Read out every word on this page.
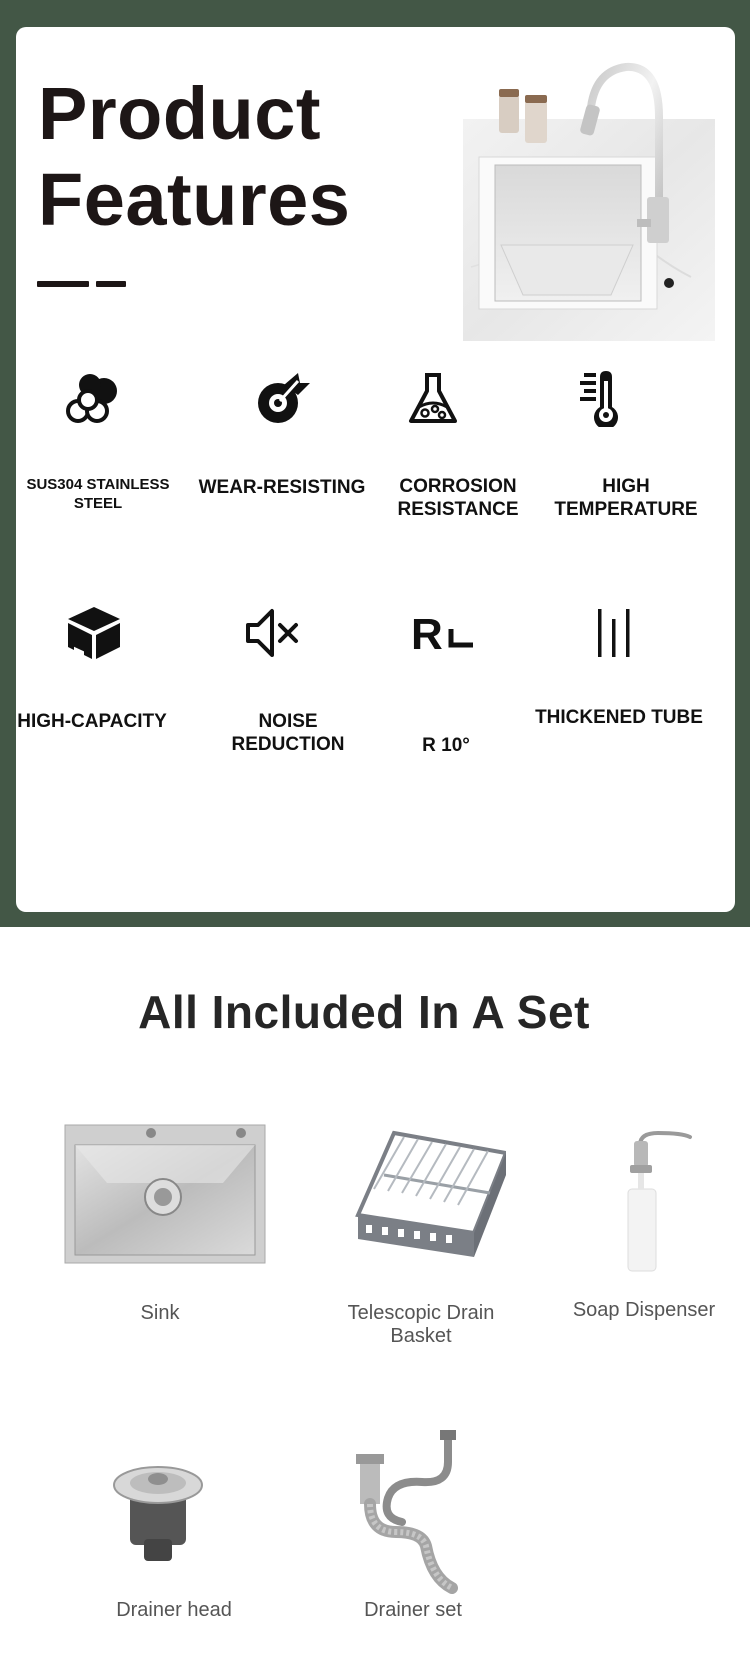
Product
Features
SUS304 STAINLESS STEEL
WEAR-RESISTING	CORROSION RESISTANCE
HIGH TEMPERATURE
HIGH-CAPACITY	NOISE REDUCTION
R
R 10°
THICKENED TUBE
All Included In A Set
Sink	Telescopic Drain Basket
Soap Dispenser
Drainer head	Drainer set
